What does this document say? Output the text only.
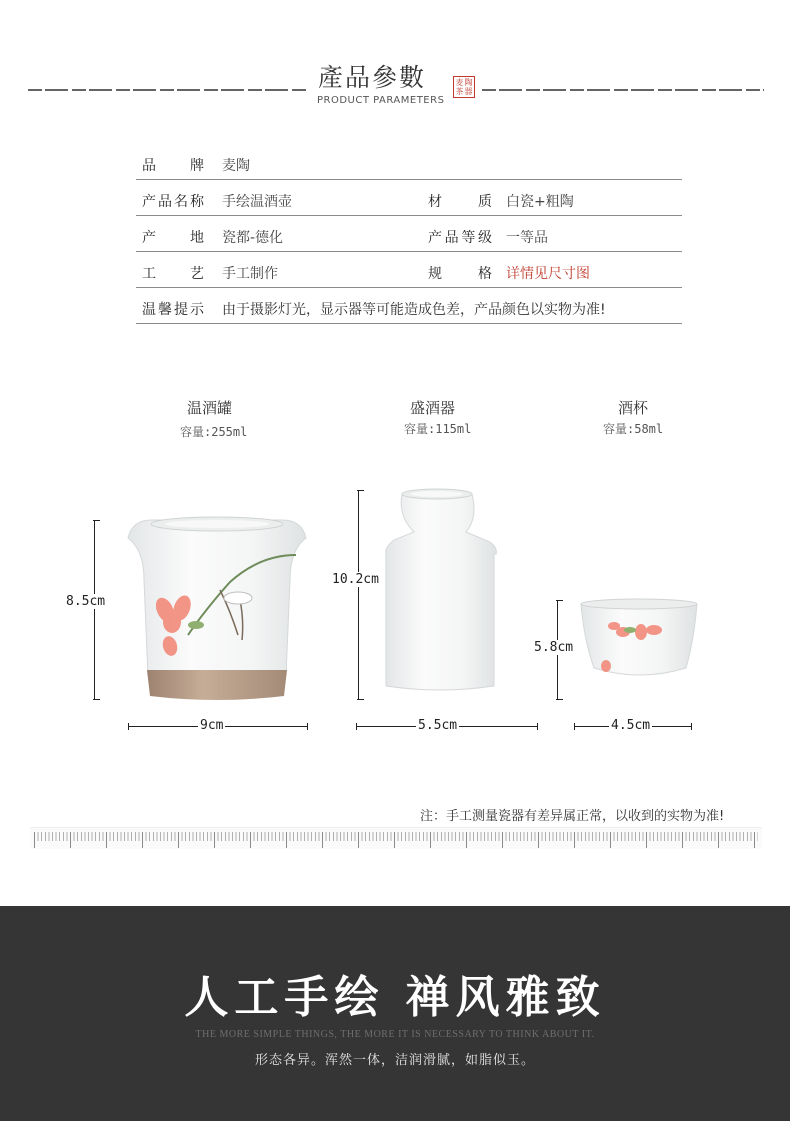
產品參數
PRODUCT PARAMETERS
麦 陶
茶 器
品牌 麦陶
产品名称 手绘温酒壶	材质 白瓷+粗陶
产地 瓷都-德化	产品等级 一等品
工艺 手工制作	规格 详情见尺寸图
温馨提示 由于摄影灯光，显示器等可能造成色差，产品颜色以实物为准!
温酒罐
容量:255ml
盛酒器
容量:115ml
酒杯
容量:58ml
8.5cm
9cm
10.2cm
5.5cm
5.8cm
4.5cm
注：手工测量瓷器有差异属正常，以收到的实物为准!
人工手绘 禅风雅致
THE MORE SIMPLE THINGS, THE MORE IT IS NECESSARY TO THINK ABOUT IT.
形态各异。浑然一体，洁润滑腻，如脂似玉。
